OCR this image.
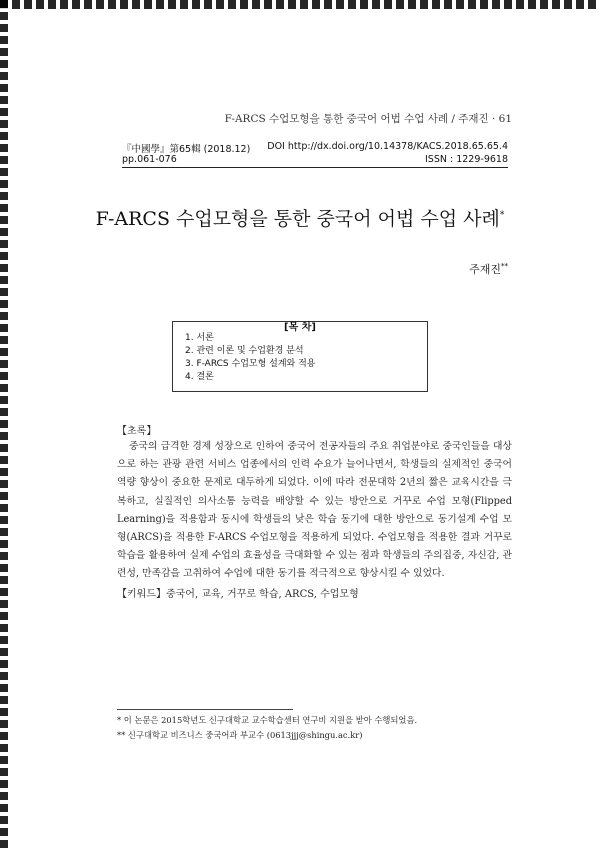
F-ARCS 수업모형을 통한 중국어 어법 수업 사례 / 주재진 · 61
『中國學』第65輯 (2018.12) DOI http://dx.doi.org/10.14378/KACS.2018.65.65.4
pp.061-076	ISSN : 1229-9618
F-ARCS 수업모형을 통한 중국어 어법 수업 사례*
주재진**
[목 차]
1. 서론
2. 관련 이론 및 수업환경 분석
3. F-ARCS 수업모형 설계와 적용
4. 결론
【초록】

중국의 급격한 경제 성장으로 인하여 중국어 전공자들의 주요 취업분야로 중국인들을 대상으로 하는 관광 관련 서비스 업종에서의 인력 수요가 늘어나면서, 학생들의 실제적인 중국어 역량 향상이 중요한 문제로 대두하게 되었다. 이에 따라 전문대학 2년의 짧은 교육시간을 극복하고, 실질적인 의사소통 능력을 배양할 수 있는 방안으로 거꾸로 수업 모형(Flipped Learning)을 적용함과 동시에 학생들의 낮은 학습 동기에 대한 방안으로 동기설계 수업 모형(ARCS)을 적용한 F-ARCS 수업모형을 적용하게 되었다. 수업모형을 적용한 결과 거꾸로 학습을 활용하여 실제 수업의 효율성을 극대화할 수 있는 점과 학생들의 주의집중, 자신감, 관련성, 만족감을 고취하여 수업에 대한 동기를 적극적으로 향상시킬 수 있었다.

【키워드】중국어, 교육, 거꾸로 학습, ARCS, 수업모형
* 이 논문은 2015학년도 신구대학교 교수학습센터 연구비 지원을 받아 수행되었음.
** 신구대학교 비즈니스 중국어과 부교수 (0613jjj@shingu.ac.kr)
